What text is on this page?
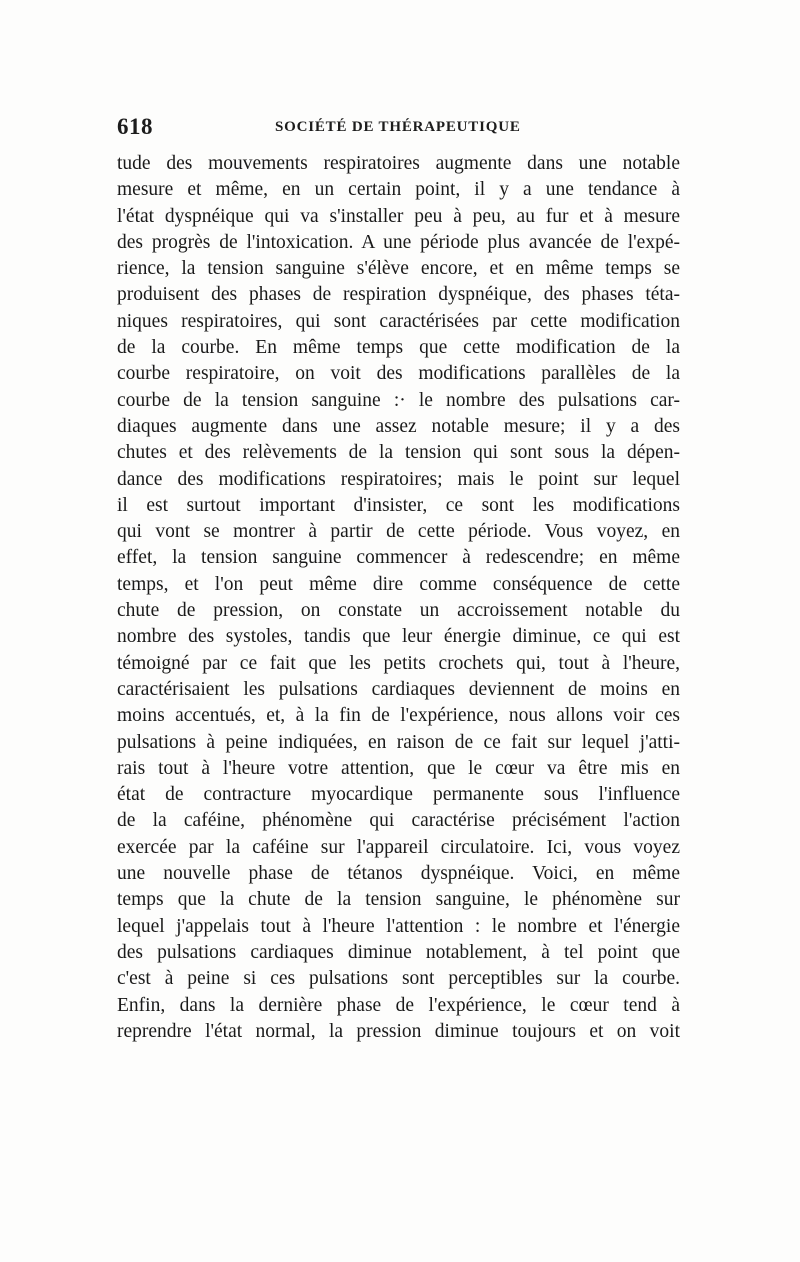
618	SOCIÉTÉ DE THÉRAPEUTIQUE
tude des mouvements respiratoires augmente dans une notable
mesure et même, en un certain point, il y a une tendance à
l'état dyspnéique qui va s'installer peu à peu, au fur et à mesure
des progrès de l'intoxication. A une période plus avancée de l'expé-
rience, la tension sanguine s'élève encore, et en même temps se
produisent des phases de respiration dyspnéique, des phases téta-
niques respiratoires, qui sont caractérisées par cette modification
de la courbe. En même temps que cette modification de la
courbe respiratoire, on voit des modifications parallèles de la
courbe de la tension sanguine :· le nombre des pulsations car-
diaques augmente dans une assez notable mesure; il y a des
chutes et des relèvements de la tension qui sont sous la dépen-
dance des modifications respiratoires; mais le point sur lequel
il est surtout important d'insister, ce sont les modifications
qui vont se montrer à partir de cette période. Vous voyez, en
effet, la tension sanguine commencer à redescendre; en même
temps, et l'on peut même dire comme conséquence de cette
chute de pression, on constate un accroissement notable du
nombre des systoles, tandis que leur énergie diminue, ce qui est
témoigné par ce fait que les petits crochets qui, tout à l'heure,
caractérisaient les pulsations cardiaques deviennent de moins en
moins accentués, et, à la fin de l'expérience, nous allons voir ces
pulsations à peine indiquées, en raison de ce fait sur lequel j'atti-
rais tout à l'heure votre attention, que le cœur va être mis en
état de contracture myocardique permanente sous l'influence
de la caféine, phénomène qui caractérise précisément l'action
exercée par la caféine sur l'appareil circulatoire. Ici, vous voyez
une nouvelle phase de tétanos dyspnéique. Voici, en même
temps que la chute de la tension sanguine, le phénomène sur
lequel j'appelais tout à l'heure l'attention : le nombre et l'énergie
des pulsations cardiaques diminue notablement, à tel point que
c'est à peine si ces pulsations sont perceptibles sur la courbe.
Enfin, dans la dernière phase de l'expérience, le cœur tend à
reprendre l'état normal, la pression diminue toujours et on voit
